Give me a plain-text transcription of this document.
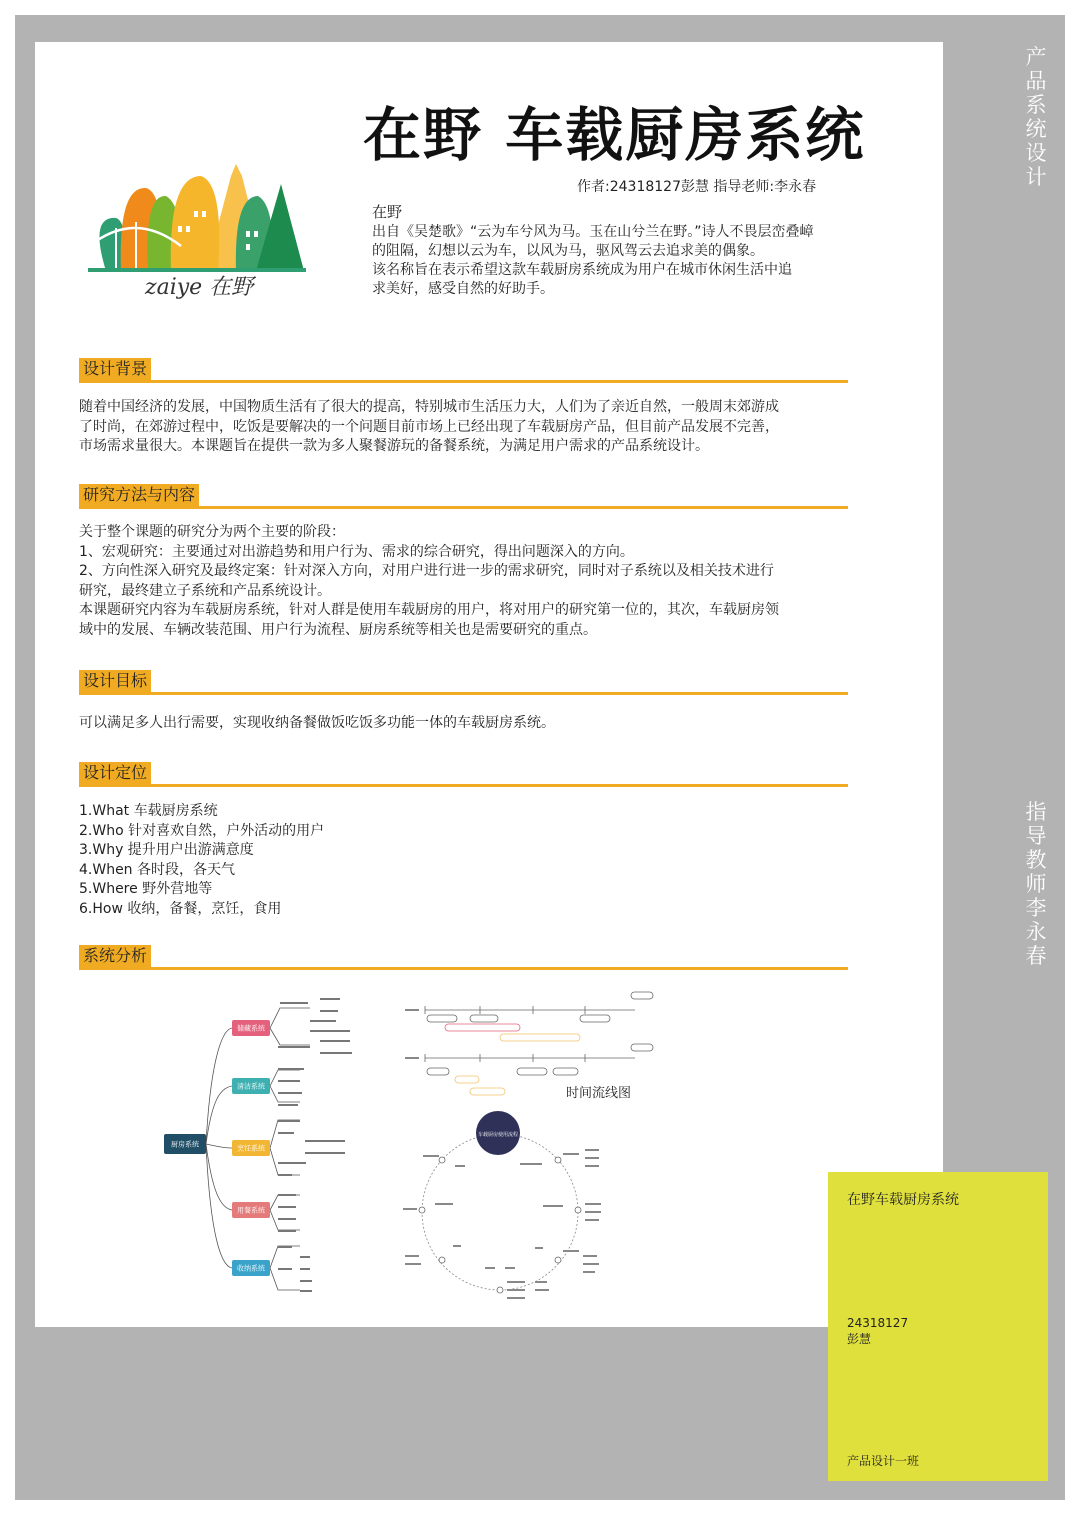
产
品
系
统
设
计
指
导
教
师
李
永
春
在野 车载厨房系统
作者:24318127彭慧 指导老师:李永春
zaiye 在野
在野
出自《吴楚歌》“云为车兮风为马。玉在山兮兰在野。”诗人不畏层峦叠嶂
的阻隔，幻想以云为车，以风为马，驱风驾云去追求美的偶象。
该名称旨在表示希望这款车载厨房系统成为用户在城市休闲生活中追
求美好，感受自然的好助手。
设计背景

随着中国经济的发展，中国物质生活有了很大的提高，特别城市生活压力大，人们为了亲近自然，一般周末郊游成

了时尚，在郊游过程中，吃饭是要解决的一个问题目前市场上已经出现了车载厨房产品，但目前产品发展不完善，

市场需求量很大。本课题旨在提供一款为多人聚餐游玩的备餐系统，为满足用户需求的产品系统设计。

研究方法与内容

关于整个课题的研究分为两个主要的阶段：

1、宏观研究：主要通过对出游趋势和用户行为、需求的综合研究，得出问题深入的方向。

2、方向性深入研究及最终定案：针对深入方向，对用户进行进一步的需求研究，同时对子系统以及相关技术进行

研究，最终建立子系统和产品系统设计。

本课题研究内容为车载厨房系统，针对人群是使用车载厨房的用户，将对用户的研究第一位的，其次，车载厨房领

域中的发展、车辆改装范围、用户行为流程、厨房系统等相关也是需要研究的重点。

设计目标

可以满足多人出行需要，实现收纳备餐做饭吃饭多功能一体的车载厨房系统。

设计定位

1.What 车载厨房系统

2.Who 针对喜欢自然，户外活动的用户

3.Why 提升用户出游满意度

4.When 各时段，各天气

5.Where 野外营地等

6.How 收纳，备餐，烹饪，食用

系统分析
厨房系统
储藏系统
清洁系统
烹饪系统
用餐系统
收纳系统
时间流线图
车载厨房使用流程
在野车载厨房系统
24318127
彭慧
产品设计一班
